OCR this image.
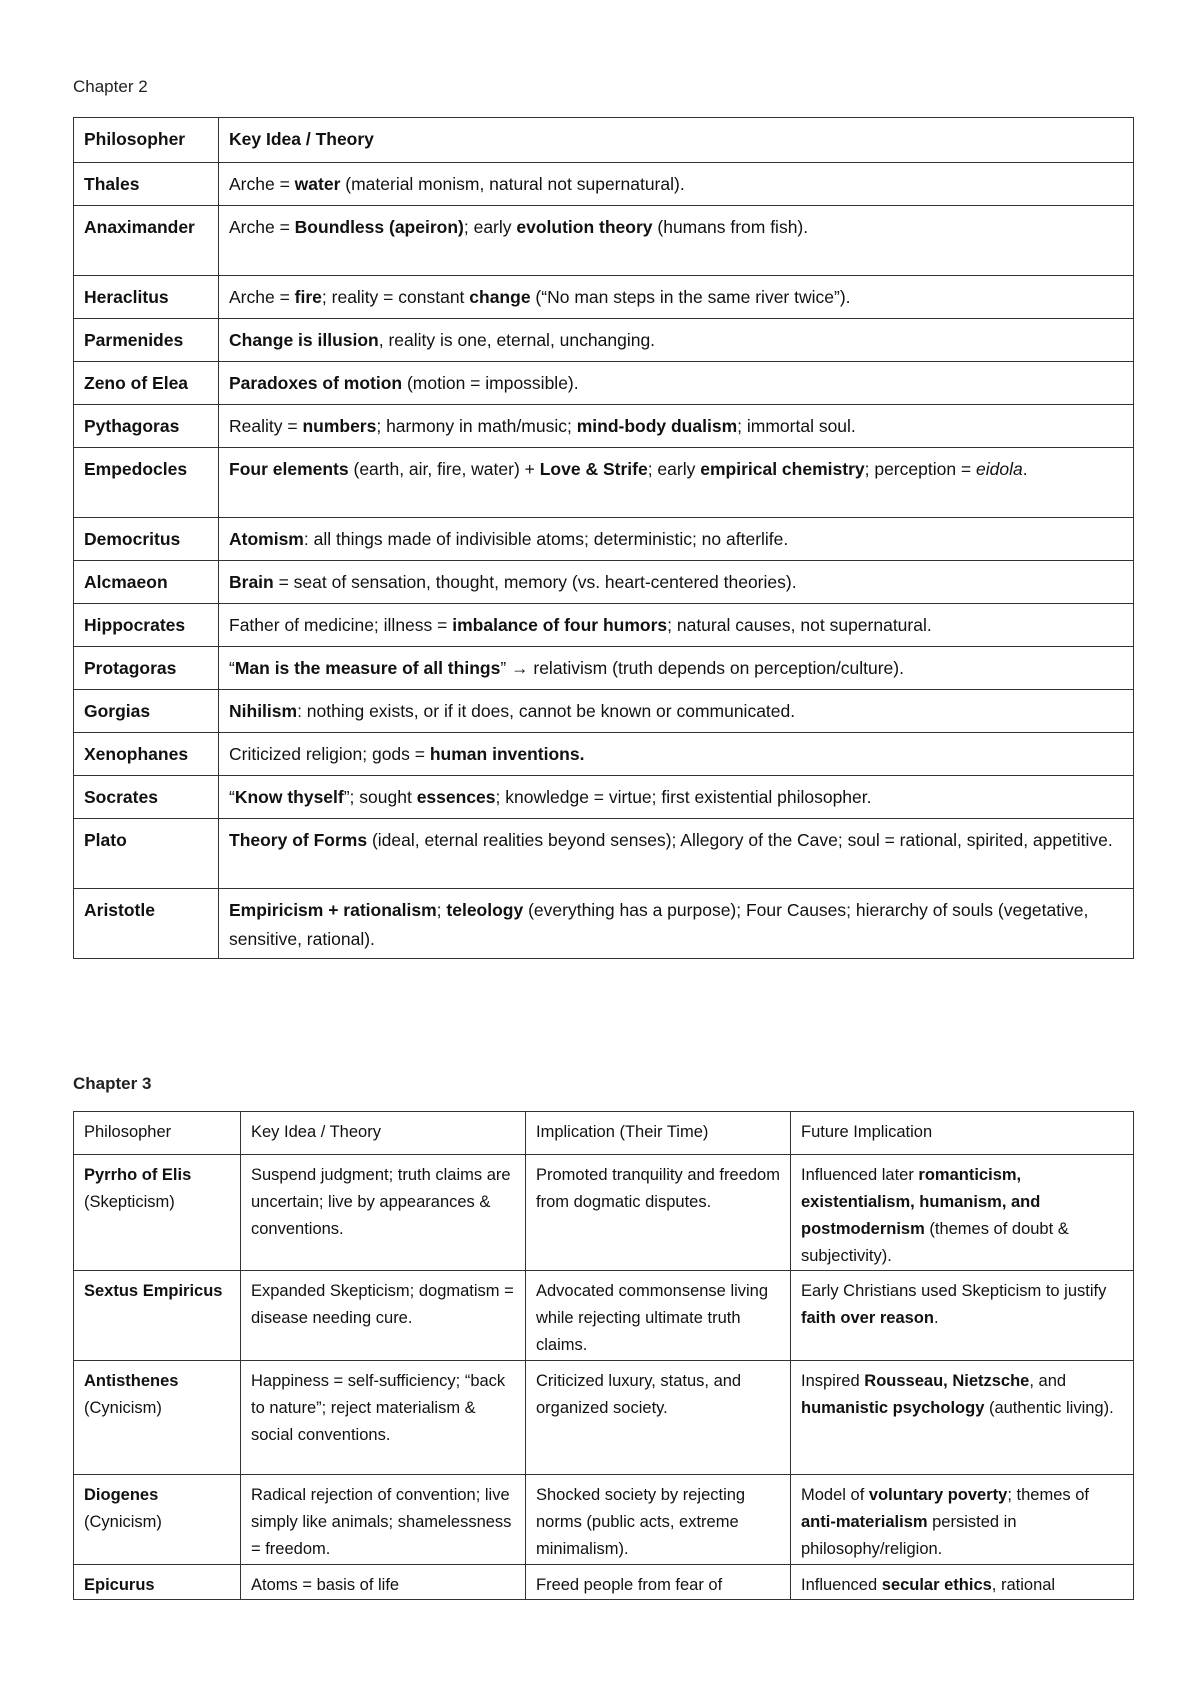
Chapter 2
Philosopher	Key Idea / Theory
Thales	Arche = water (material monism, natural not supernatural).
Anaximander	Arche = Boundless (apeiron); early evolution theory (humans from fish).
Heraclitus	Arche = fire; reality = constant change (“No man steps in the same river twice”).
Parmenides	Change is illusion, reality is one, eternal, unchanging.
Zeno of Elea	Paradoxes of motion (motion = impossible).
Pythagoras	Reality = numbers; harmony in math/music; mind-body dualism; immortal soul.
Empedocles	Four elements (earth, air, fire, water) + Love & Strife; early empirical chemistry; perception = eidola.
Democritus	Atomism: all things made of indivisible atoms; deterministic; no afterlife.
Alcmaeon	Brain = seat of sensation, thought, memory (vs. heart-centered theories).
Hippocrates	Father of medicine; illness = imbalance of four humors; natural causes, not supernatural.
Protagoras	“Man is the measure of all things” → relativism (truth depends on perception/culture).
Gorgias	Nihilism: nothing exists, or if it does, cannot be known or communicated.
Xenophanes	Criticized religion; gods = human inventions.
Socrates	“Know thyself”; sought essences; knowledge = virtue; first existential philosopher.
Plato	Theory of Forms (ideal, eternal realities beyond senses); Allegory of the Cave; soul = rational, spirited, appetitive.
Aristotle	Empiricism + rationalism; teleology (everything has a purpose); Four Causes; hierarchy of souls (vegetative, sensitive, rational).
Chapter 3
Philosopher	Key Idea / Theory	Implication (Their Time)	Future Implication
Pyrrho of Elis (Skepticism)	Suspend judgment; truth claims are uncertain; live by appearances & conventions.	Promoted tranquility and freedom from dogmatic disputes.	Influenced later romanticism, existentialism, humanism, and postmodernism (themes of doubt & subjectivity).
Sextus Empiricus	Expanded Skepticism; dogmatism = disease needing cure.	Advocated commonsense living while rejecting ultimate truth claims.	Early Christians used Skepticism to justify faith over reason.
Antisthenes (Cynicism)	Happiness = self-sufficiency; “back to nature”; reject materialism & social conventions.	Criticized luxury, status, and organized society.	Inspired Rousseau, Nietzsche, and humanistic psychology (authentic living).
Diogenes (Cynicism)	Radical rejection of convention; live simply like animals; shamelessness = freedom.	Shocked society by rejecting norms (public acts, extreme minimalism).	Model of voluntary poverty; themes of anti-materialism persisted in philosophy/religion.
Epicurus	Atoms = basis of life	Freed people from fear of	Influenced secular ethics, rational
